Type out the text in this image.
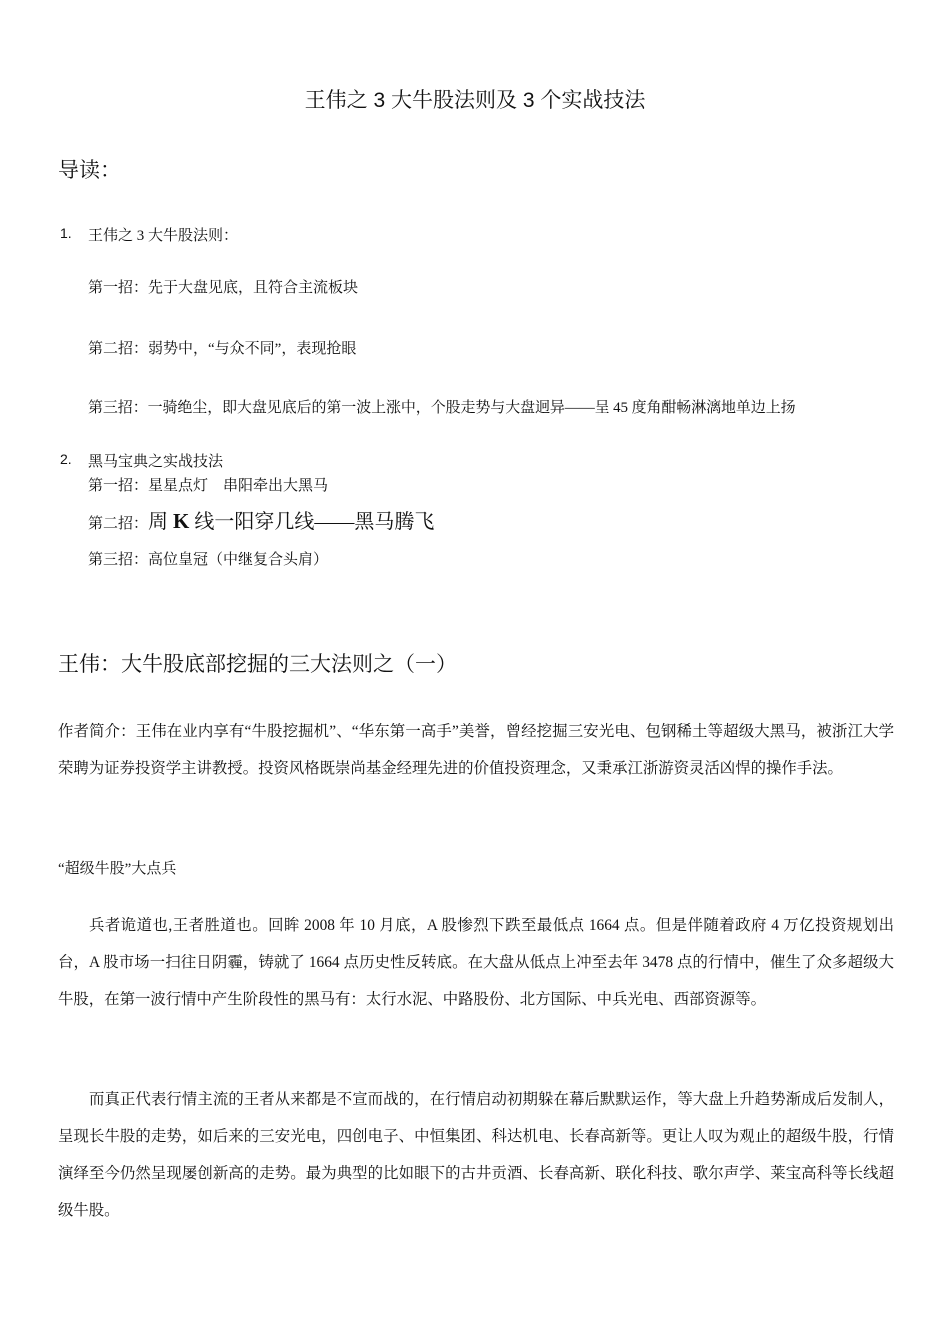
王伟之 3 大牛股法则及 3 个实战技法
导读：
1. 王伟之 3 大牛股法则：
第一招：先于大盘见底，且符合主流板块
第二招：弱势中，“与众不同”，表现抢眼
第三招：一骑绝尘，即大盘见底后的第一波上涨中，个股走势与大盘迥异——呈 45 度角酣畅淋漓地单边上扬
2. 黑马宝典之实战技法
第一招：星星点灯　串阳牵出大黑马
第二招：周 K 线一阳穿几线——黑马腾飞
第三招：高位皇冠（中继复合头肩）
王伟：大牛股底部挖掘的三大法则之（一）
作者简介：王伟在业内享有“牛股挖掘机”、“华东第一高手”美誉，曾经挖掘三安光电、包钢稀土等超级大黑马，被浙江大学荣聘为证券投资学主讲教授。投资风格既崇尚基金经理先进的价值投资理念，又秉承江浙游资灵活凶悍的操作手法。
“超级牛股”大点兵
兵者诡道也,王者胜道也。回眸 2008 年 10 月底，A 股惨烈下跌至最低点 1664 点。但是伴随着政府 4 万亿投资规划出台，A 股市场一扫往日阴霾，铸就了 1664 点历史性反转底。在大盘从低点上冲至去年 3478 点的行情中，催生了众多超级大牛股，在第一波行情中产生阶段性的黑马有：太行水泥、中路股份、北方国际、中兵光电、西部资源等。
而真正代表行情主流的王者从来都是不宣而战的，在行情启动初期躲在幕后默默运作，等大盘上升趋势渐成后发制人，呈现长牛股的走势，如后来的三安光电，四创电子、中恒集团、科达机电、长春高新等。更让人叹为观止的超级牛股，行情演绎至今仍然呈现屡创新高的走势。最为典型的比如眼下的古井贡酒、长春高新、联化科技、歌尔声学、莱宝高科等长线超级牛股。
